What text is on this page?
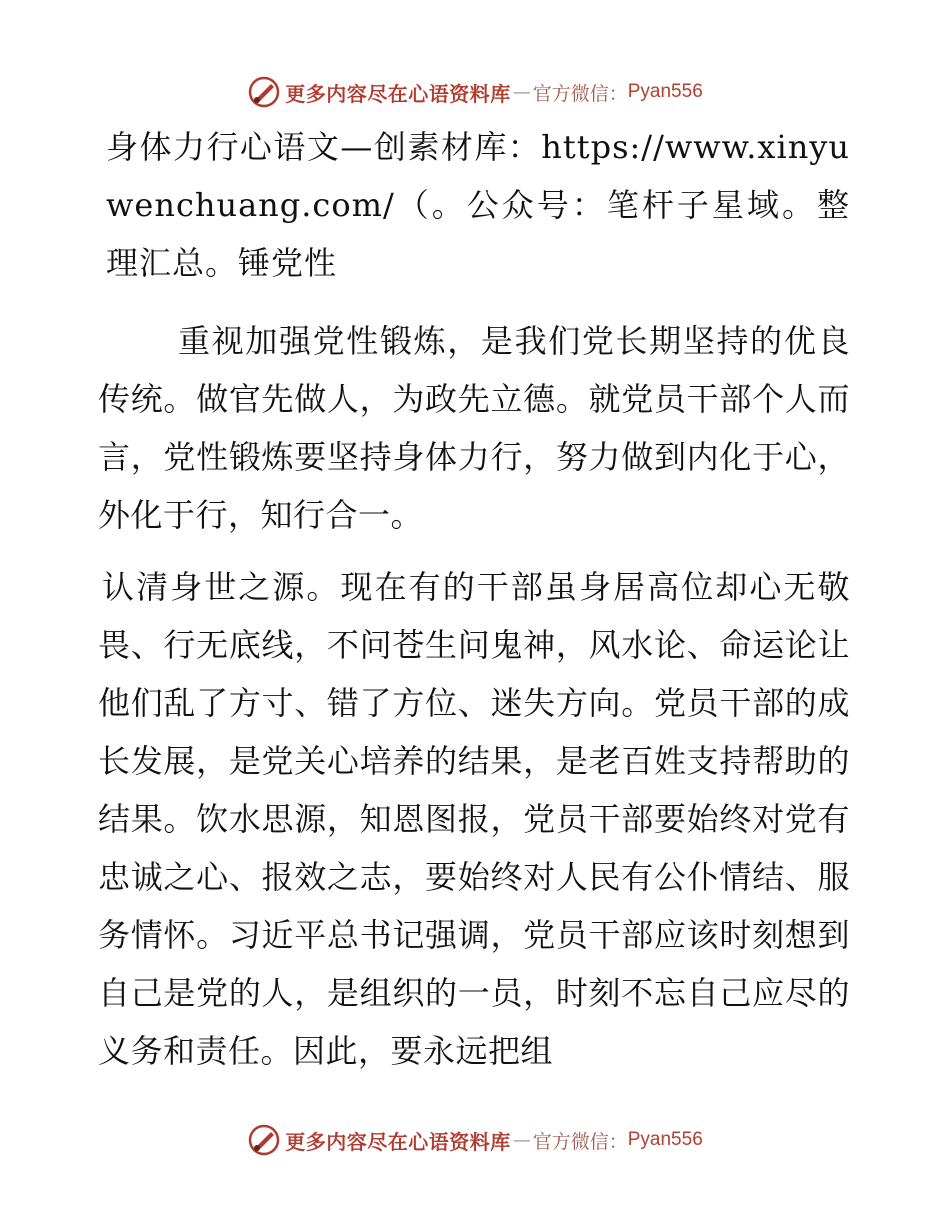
更多内容尽在心语资料库 — 官方微信： Pyan556

身体力行心语文—创素材库：https://www.xinyuwenchuang.com/（。公众号：笔杆子星域。整理汇总。锤党性

重视加强党性锻炼，是我们党长期坚持的优良传统。做官先做人，为政先立德。就党员干部个人而言，党性锻炼要坚持身体力行，努力做到内化于心，外化于行，知行合一。

认清身世之源。现在有的干部虽身居高位却心无敬畏、行无底线，不问苍生问鬼神，风水论、命运论让他们乱了方寸、错了方位、迷失方向。党员干部的成长发展，是党关心培养的结果，是老百姓支持帮助的结果。饮水思源，知恩图报，党员干部要始终对党有忠诚之心、报效之志，要始终对人民有公仆情结、服务情怀。习近平总书记强调，党员干部应该时刻想到自己是党的人，是组织的一员，时刻不忘自己应尽的义务和责任。因此，要永远把组

更多内容尽在心语资料库 — 官方微信： Pyan556
